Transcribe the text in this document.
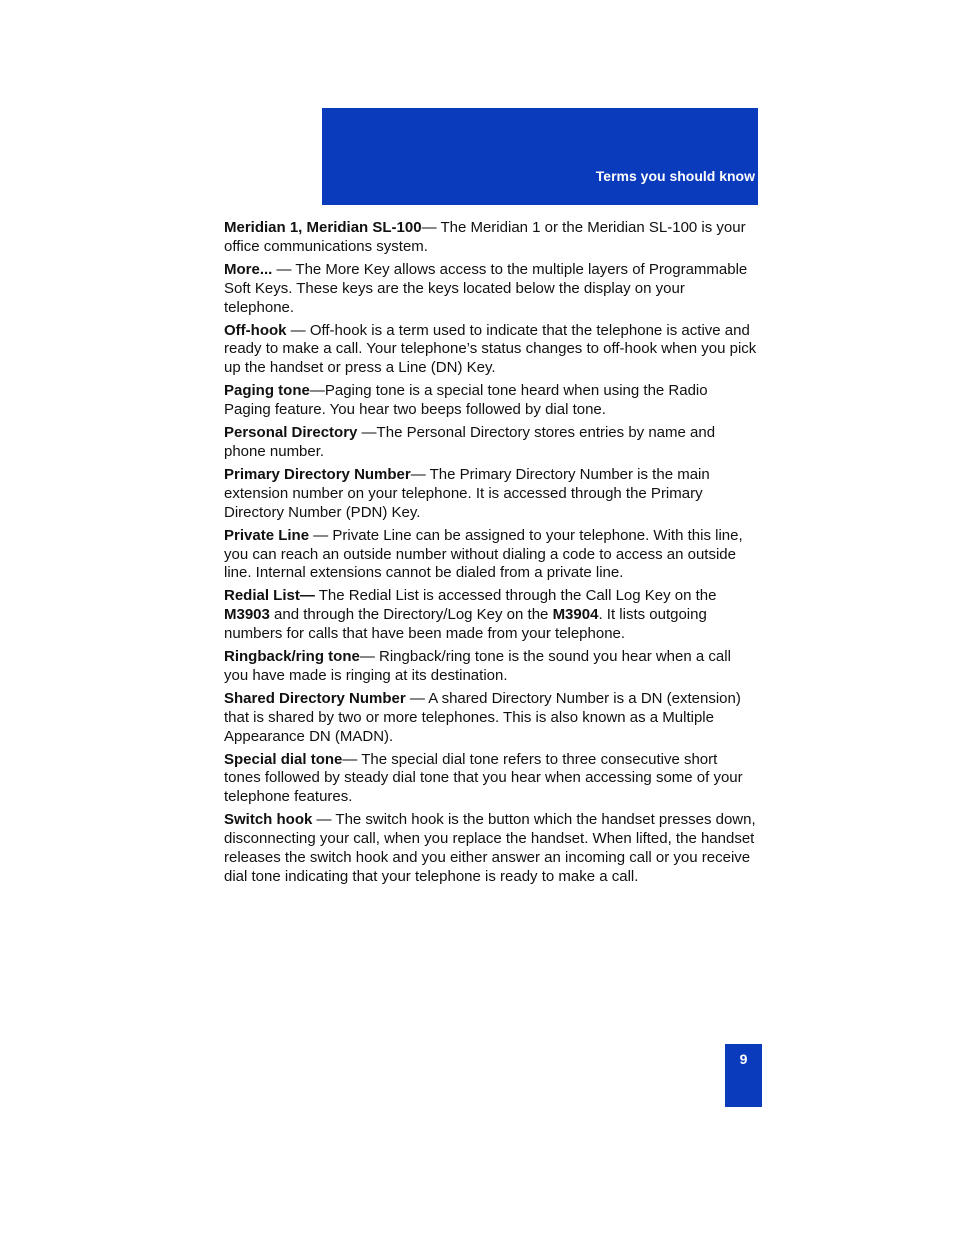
Terms you should know

Meridian 1, Meridian SL-100— The Meridian 1 or the Meridian SL-100 is your office communications system.

More... — The More Key allows access to the multiple layers of Programmable Soft Keys. These keys are the keys located below the display on your telephone.

Off-hook — Off-hook is a term used to indicate that the telephone is active and ready to make a call. Your telephone’s status changes to off-hook when you pick up the handset or press a Line (DN) Key.

Paging tone—Paging tone is a special tone heard when using the Radio Paging feature. You hear two beeps followed by dial tone.

Personal Directory —The Personal Directory stores entries by name and phone number.

Primary Directory Number— The Primary Directory Number is the main extension number on your telephone. It is accessed through the Primary Directory Number (PDN) Key.

Private Line — Private Line can be assigned to your telephone. With this line, you can reach an outside number without dialing a code to access an outside line. Internal extensions cannot be dialed from a private line.

Redial List— The Redial List is accessed through the Call Log Key on the M3903 and through the Directory/Log Key on the M3904. It lists outgoing numbers for calls that have been made from your telephone.

Ringback/ring tone— Ringback/ring tone is the sound you hear when a call you have made is ringing at its destination.

Shared Directory Number — A shared Directory Number is a DN (extension) that is shared by two or more telephones. This is also known as a Multiple Appearance DN (MADN).

Special dial tone— The special dial tone refers to three consecutive short tones followed by steady dial tone that you hear when accessing some of your telephone features.

Switch hook — The switch hook is the button which the handset presses down, disconnecting your call, when you replace the handset. When lifted, the handset releases the switch hook and you either answer an incoming call or you receive dial tone indicating that your telephone is ready to make a call.

9
